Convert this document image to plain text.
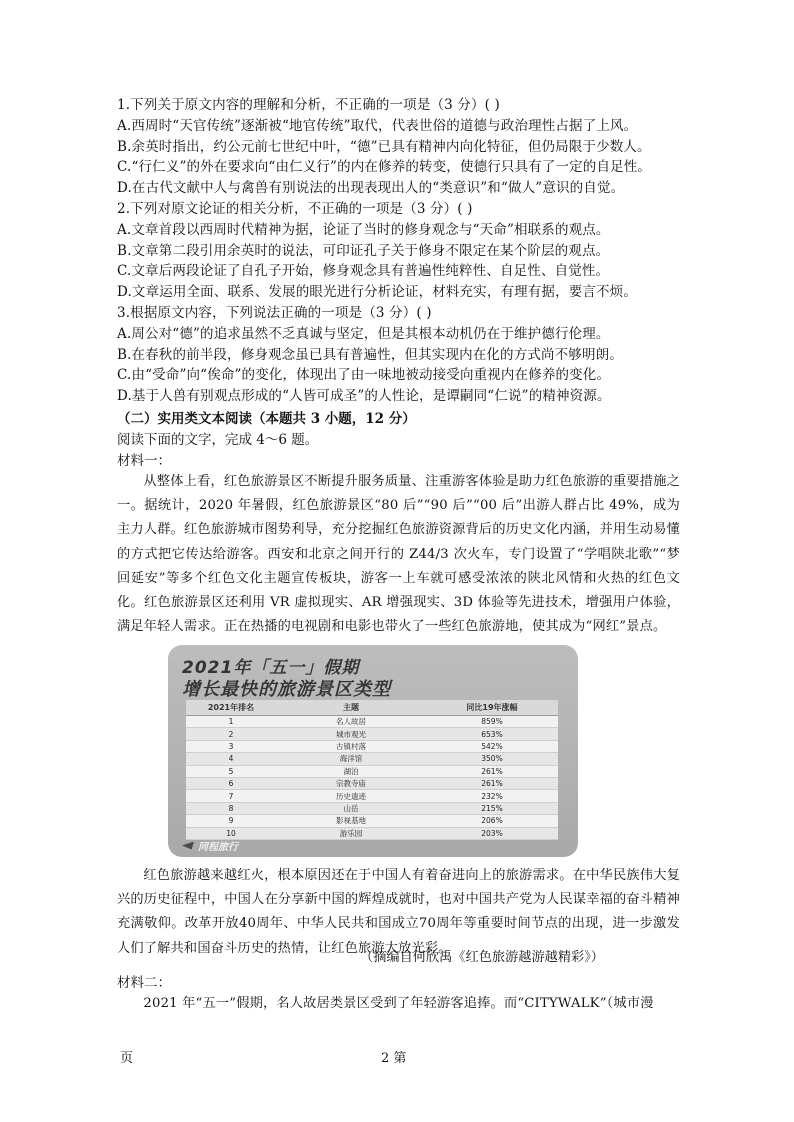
1.下列关于原文内容的理解和分析，不正确的一项是（3 分）( )
A.西周时“天官传统”逐渐被“地官传统”取代，代表世俗的道德与政治理性占据了上风。
B.余英时指出，约公元前七世纪中叶，“德”已具有精神内向化特征，但仍局限于少数人。
C.“行仁义”的外在要求向“由仁义行”的内在修养的转变，使德行只具有了一定的自足性。
D.在古代文献中人与禽兽有别说法的出现表现出人的“类意识”和“做人”意识的自觉。
2.下列对原文论证的相关分析，不正确的一项是（3 分）( )
A.文章首段以西周时代精神为据，论证了当时的修身观念与“天命”相联系的观点。
B.文章第二段引用余英时的说法，可印证孔子关于修身不限定在某个阶层的观点。
C.文章后两段论证了自孔子开始，修身观念具有普遍性纯粹性、自足性、自觉性。
D.文章运用全面、联系、发展的眼光进行分析论证，材料充实，有理有据，要言不烦。
3.根据原文内容，下列说法正确的一项是（3 分）( )
A.周公对“德”的追求虽然不乏真诚与坚定，但是其根本动机仍在于维护德行伦理。
B.在春秋的前半段，修身观念虽已具有普遍性，但其实现内在化的方式尚不够明朗。
C.由“受命”向“俟命”的变化，体现出了由一味地被动接受向重视内在修养的变化。
D.基于人兽有别观点形成的“人皆可成圣”的人性论，是谭嗣同“仁说”的精神资源。
（二）实用类文本阅读（本题共 3 小题，12 分）
阅读下面的文字，完成 4～6 题。
材料一：

从整体上看，红色旅游景区不断提升服务质量、注重游客体验是助力红色旅游的重要措施之一。据统计，2020 年暑假，红色旅游景区“80 后”“90 后”“00 后”出游人群占比 49%，成为主力人群。红色旅游城市图势利导，充分挖掘红色旅游资源背后的历史文化内涵，并用生动易懂的方式把它传达给游客。西安和北京之间开行的 Z44/3 次火车，专门设置了“学唱陕北歌”“梦回延安”等多个红色文化主题宣传板块，游客一上车就可感受浓浓的陕北风情和火热的红色文化。红色旅游景区还利用 VR 虚拟现实、AR 增强现实、3D 体验等先进技术，增强用户体验，满足年轻人需求。正在热播的电视剧和电影也带火了一些红色旅游地，使其成为“网红”景点。

2021年「五一」假期
增长最快的旅游景区类型
2021年排名	主题	同比19年涨幅
1	名人故居	859%
2	城市观光	653%
3	古镇村落	542%
4	海洋馆	350%
5	湖泊	261%
6	宗教寺庙	261%
7	历史遗迹	232%
8	山岳	215%
9	影视基地	206%
10	游乐园	203%
同程旅行

红色旅游越来越红火，根本原因还在于中国人有着奋进向上的旅游需求。在中华民族伟大复兴的历史征程中，中国人在分享新中国的辉煌成就时，也对中国共产党为人民谋幸福的奋斗精神充满敬仰。改革开放40周年、中华人民共和国成立70周年等重要时间节点的出现，进一步激发人们了解共和国奋斗历史的热情，让红色旅游大放光彩。

（摘编自何欣禹《红色旅游越游越精彩》）
材料二：

2021 年“五一”假期，名人故居类景区受到了年轻游客追捧。而“CITYWALK”（城市漫

页	2 第
